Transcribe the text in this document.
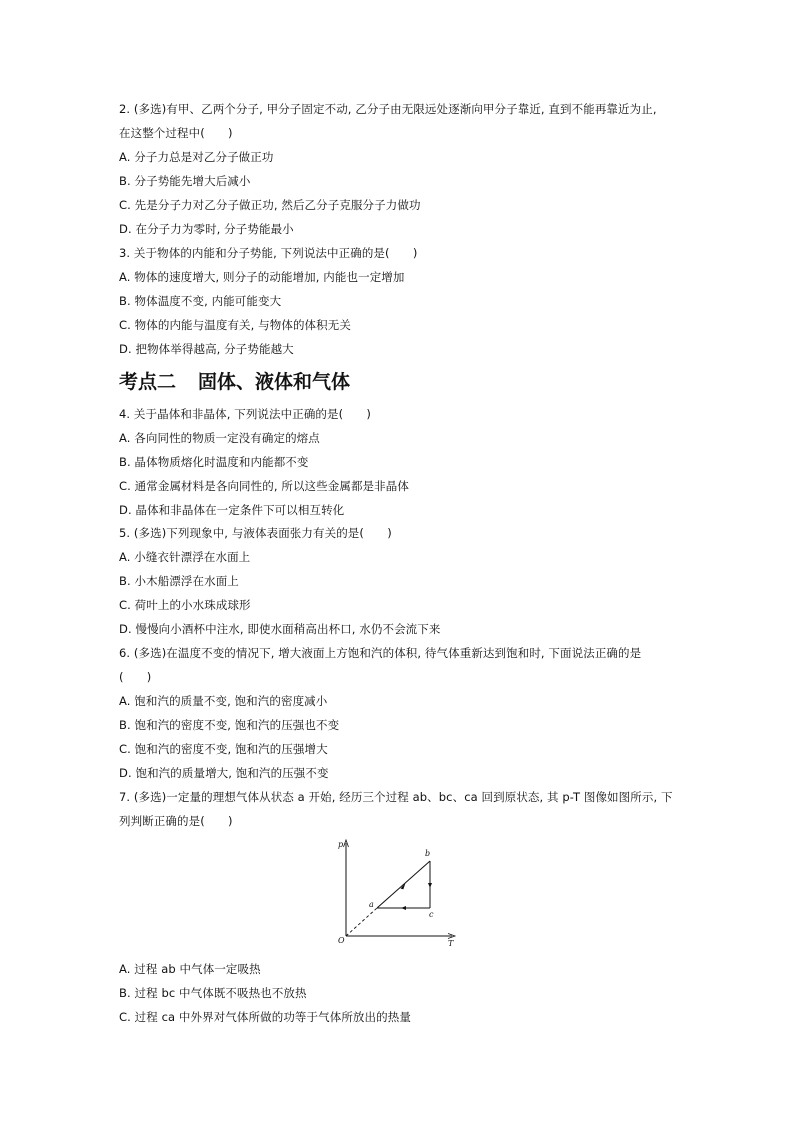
2. (多选)有甲、乙两个分子, 甲分子固定不动, 乙分子由无限远处逐渐向甲分子靠近, 直到不能再靠近为止,
在这整个过程中(　　)
A. 分子力总是对乙分子做正功
B. 分子势能先增大后减小
C. 先是分子力对乙分子做正功, 然后乙分子克服分子力做功
D. 在分子力为零时, 分子势能最小
3. 关于物体的内能和分子势能, 下列说法中正确的是(　　)
A. 物体的速度增大, 则分子的动能增加, 内能也一定增加
B. 物体温度不变, 内能可能变大
C. 物体的内能与温度有关, 与物体的体积无关
D. 把物体举得越高, 分子势能越大
考点二 固体、液体和气体
4. 关于晶体和非晶体, 下列说法中正确的是(　　)
A. 各向同性的物质一定没有确定的熔点
B. 晶体物质熔化时温度和内能都不变
C. 通常金属材料是各向同性的, 所以这些金属都是非晶体
D. 晶体和非晶体在一定条件下可以相互转化
5. (多选)下列现象中, 与液体表面张力有关的是(　　)
A. 小缝衣针漂浮在水面上
B. 小木船漂浮在水面上
C. 荷叶上的小水珠成球形
D. 慢慢向小酒杯中注水, 即使水面稍高出杯口, 水仍不会流下来
6. (多选)在温度不变的情况下, 增大液面上方饱和汽的体积, 待气体重新达到饱和时, 下面说法正确的是
(　　)
A. 饱和汽的质量不变, 饱和汽的密度减小
B. 饱和汽的密度不变, 饱和汽的压强也不变
C. 饱和汽的密度不变, 饱和汽的压强增大
D. 饱和汽的质量增大, 饱和汽的压强不变
7. (多选)一定量的理想气体从状态 a 开始, 经历三个过程 ab、bc、ca 回到原状态, 其 p-T 图像如图所示, 下
列判断正确的是(　　)
p
T
O
a
b
c
A. 过程 ab 中气体一定吸热
B. 过程 bc 中气体既不吸热也不放热
C. 过程 ca 中外界对气体所做的功等于气体所放出的热量
